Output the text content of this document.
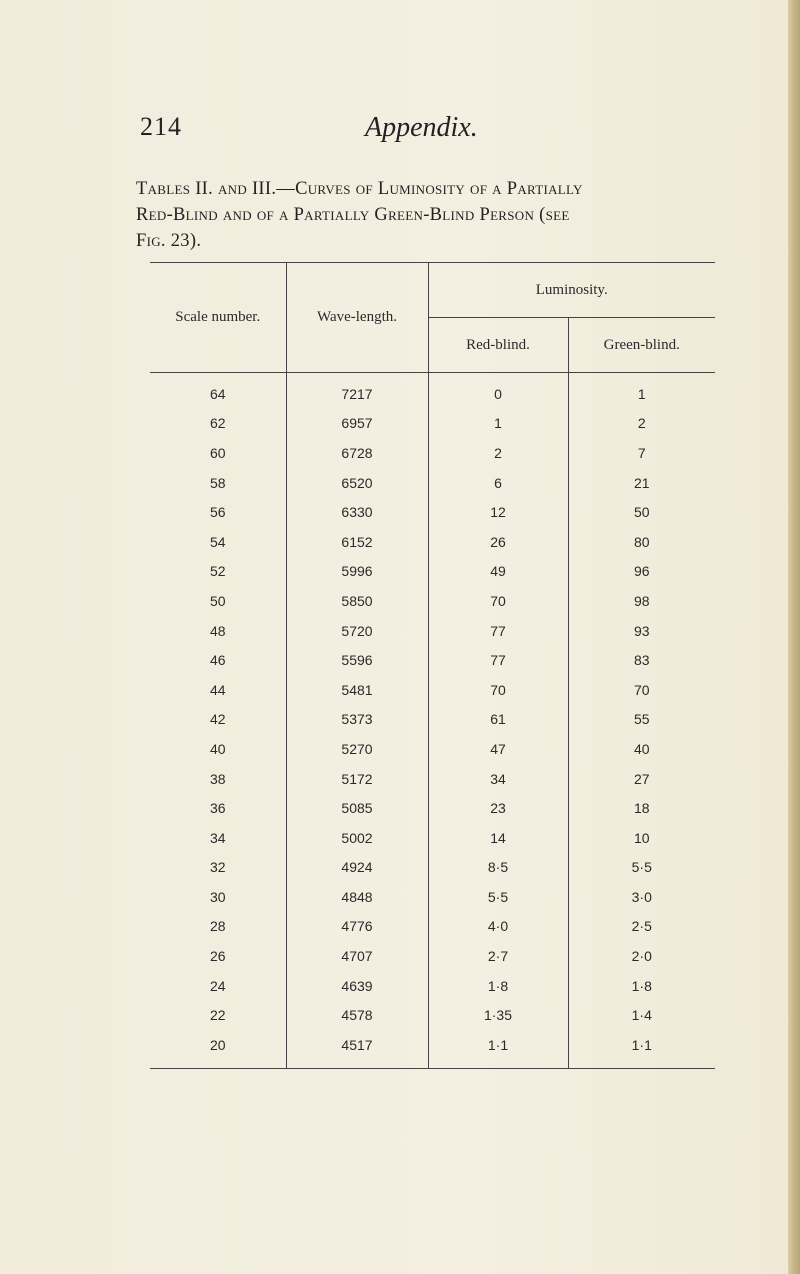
214	Appendix.
Tables II. and III.—Curves of Luminosity of a Partially
Red-Blind and of a Partially Green-Blind Person (see
Fig. 23).
Scale number.	Wave-length.	Luminosity.	
		Red-blind.	Green-blind.
64	7217	0	1
62	6957	1	2
60	6728	2	7
58	6520	6	21
56	6330	12	50
54	6152	26	80
52	5996	49	96
50	5850	70	98
48	5720	77	93
46	5596	77	83
44	5481	70	70
42	5373	61	55
40	5270	47	40
38	5172	34	27
36	5085	23	18
34	5002	14	10
32	4924	8·5	5·5
30	4848	5·5	3·0
28	4776	4·0	2·5
26	4707	2·7	2·0
24	4639	1·8	1·8
22	4578	1·35	1·4
20	4517	1·1	1·1
